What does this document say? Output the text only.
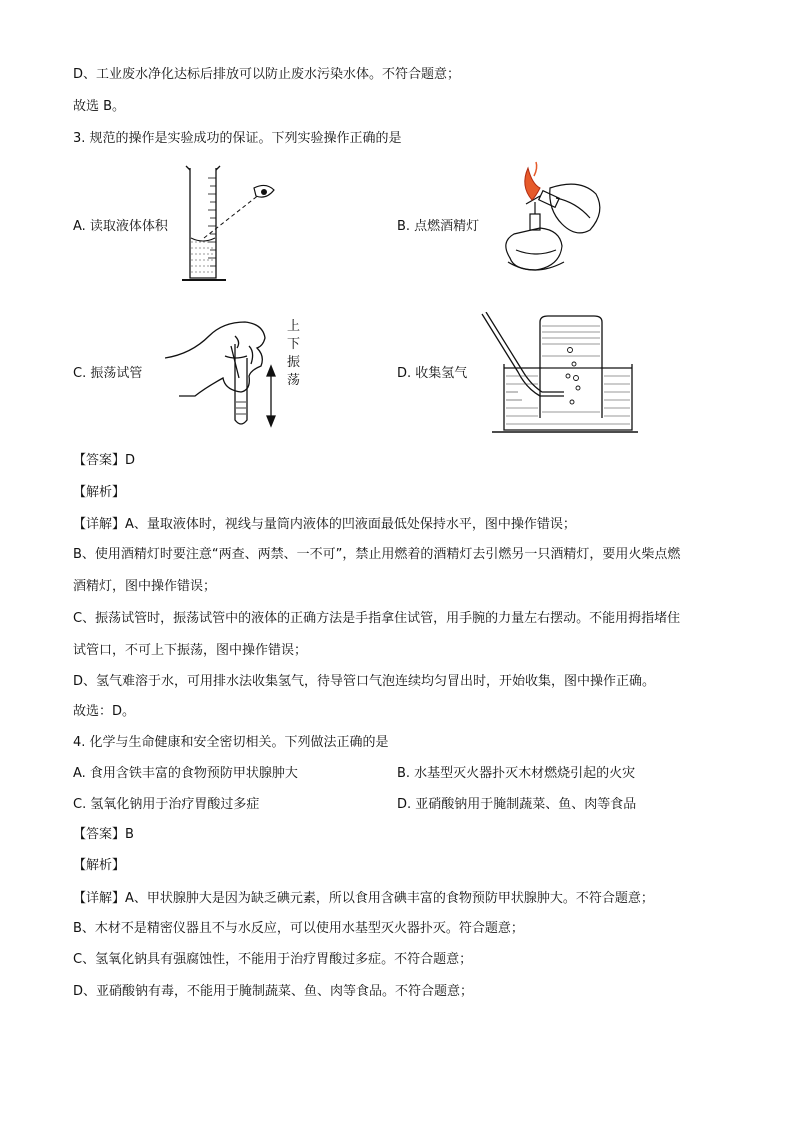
D、工业废水净化达标后排放可以防止废水污染水体。不符合题意；
故选 B。
3. 规范的操作是实验成功的保证。下列实验操作正确的是
A. 读取液体体积	B. 点燃酒精灯
C. 振荡试管
上
下
振
荡	D. 收集氢气
【答案】D
【解析】
【详解】A、量取液体时，视线与量筒内液体的凹液面最低处保持水平，图中操作错误；
B、使用酒精灯时要注意“两查、两禁、一不可”，禁止用燃着的酒精灯去引燃另一只酒精灯，要用火柴点燃
酒精灯，图中操作错误；
C、振荡试管时，振荡试管中的液体的正确方法是手指拿住试管，用手腕的力量左右摆动。不能用拇指堵住
试管口，不可上下振荡，图中操作错误；
D、氢气难溶于水，可用排水法收集氢气，待导管口气泡连续均匀冒出时，开始收集，图中操作正确。
故选：D。
4. 化学与生命健康和安全密切相关。下列做法正确的是
A. 食用含铁丰富的食物预防甲状腺肿大	B. 水基型灭火器扑灭木材燃烧引起的火灾
C. 氢氧化钠用于治疗胃酸过多症	D. 亚硝酸钠用于腌制蔬菜、鱼、肉等食品
【答案】B
【解析】
【详解】A、甲状腺肿大是因为缺乏碘元素，所以食用含碘丰富的食物预防甲状腺肿大。不符合题意；
B、木材不是精密仪器且不与水反应，可以使用水基型灭火器扑灭。符合题意；
C、氢氧化钠具有强腐蚀性，不能用于治疗胃酸过多症。不符合题意；
D、亚硝酸钠有毒，不能用于腌制蔬菜、鱼、肉等食品。不符合题意；
